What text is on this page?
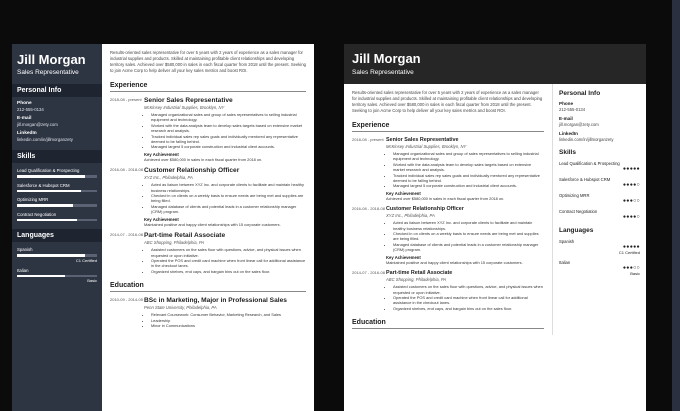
Jill Morgan
Sales Representative
Personal Info
Phone
212-555-0134
E-mail
jill.morgan@zety.com
LinkedIn
linkedin.com/in/jillmorganzety
Skills
Lead Qualification & Prospecting
Salesforce & Hubspot CRM
Optimizing MRR
Contract Negotiation
Languages
Spanish
C1 Certified
Italian
Basic
Results-oriented sales representative for over 5 years with 2 years of experience as a sales manager for industrial supplies and products. Skilled at maintaining profitable client relationships and developing territory sales. Achieved over $580,000 in sales in each fiscal quarter from 2018 until the present. Seeking to join Acme Corp to help deliver all your key sales metrics and boost ROI.
Experience
2018-08 - present Senior Sales Representative
McKinsey Industrial Supplies, Brooklyn, NY
• Managed organizational sales and group of sales representatives to selling industrial equipment and technology.
• Worked with the data analysis team to develop sales targets based on extensive market research and analysis.
• Tracked individual sales rep sales goals and individually mentored any representative deemed to be falling behind.
• Managed largest 5 corporate construction and industrial client accounts.
Key Achievement
Achieved over $580,000 in sales in each fiscal quarter from 2018 on.
2016-08 - 2018-08 Customer Relationship Officer
XYZ Inc., Philadelphia, PA
• Acted as liaison between XYZ Inc. and corporate clients to facilitate and maintain healthy business relationships.
• Checked in on clients on a weekly basis to ensure needs are being met and supplies are being filled.
• Managed database of clients and potential leads in a customer relationship manager (CRM) program.
Key Achievement
Maintained positive and happy client relationships with 15 corporate customers.
2014-07 - 2016-08 Part-time Retail Associate
ABC Shopping, Philadelphia, PA
• Assisted customers on the sales floor with questions, advice, and physical issues when requested or upon initiative.
• Operated the POS and credit card machine when front linear call for additional assistance in the checkout lanes.
• Organized shelves, end caps, and bargain bins out on the sales floor.
Education
2010-09 - 2014-05 BSc in Marketing, Major in Professional Sales
Penn State University, Philadelphia, PA
• Relevant Coursework: Consumer Behavior, Marketing Research, and Sales
• Leadership
• Minor in Communications
Jill Morgan
Sales Representative
Results-oriented sales representative for over 5 years with 2 years of experience as a sales manager for industrial supplies and products. Skilled at maintaining profitable client relationships and developing territory sales. Achieved over $580,000 in sales in each fiscal quarter from 2018 until the present. Seeking to join Acme Corp to help deliver all your key sales metrics and boost ROI.
Experience
2018-08 - present Senior Sales Representative
McKinsey Industrial Supplies, Brooklyn, NY
• Managed organizational sales and group of sales representatives to selling industrial equipment and technology.
• Worked with the data analysis team to develop sales targets based on extensive market research and analysis.
• Tracked individual sales rep sales goals and individually mentored any representative deemed to be falling behind.
• Managed largest 5 corporate construction and industrial client accounts.
Key Achievement
Achieved over $580,000 in sales in each fiscal quarter from 2018 on.
2016-08 - 2018-08 Customer Relationship Officer
XYZ Inc., Philadelphia, PA
• Acted as liaison between XYZ Inc. and corporate clients to facilitate and maintain healthy business relationships.
• Checked in on clients on a weekly basis to ensure needs are being met and supplies are being filled.
• Managed database of clients and potential leads in a customer relationship manager (CRM) program.
Key Achievement
Maintained positive and happy client relationships with 15 corporate customers.
2014-07 - 2016-08 Part-time Retail Associate
ABC Shopping, Philadelphia, PA
• Assisted customers on the sales floor with questions, advice, and physical issues when requested or upon initiative.
• Operated the POS and credit card machine when front linear call for additional assistance in the checkout lanes.
• Organized shelves, end caps, and bargain bins out on the sales floor.
Education
Personal Info
Phone
212-555-0134
E-mail
jill.morgan@zety.com
LinkedIn
linkedin.com/in/jillmorganzety
Skills
Lead Qualification & Prospecting
●●●●●
Salesforce & Hubspot CRM
●●●●○
Optimizing MRR
●●●○○
Contract Negotiation
●●●●○
Languages
Spanish
●●●●●
C1 Certified
Italian
●●●○○
Basic
